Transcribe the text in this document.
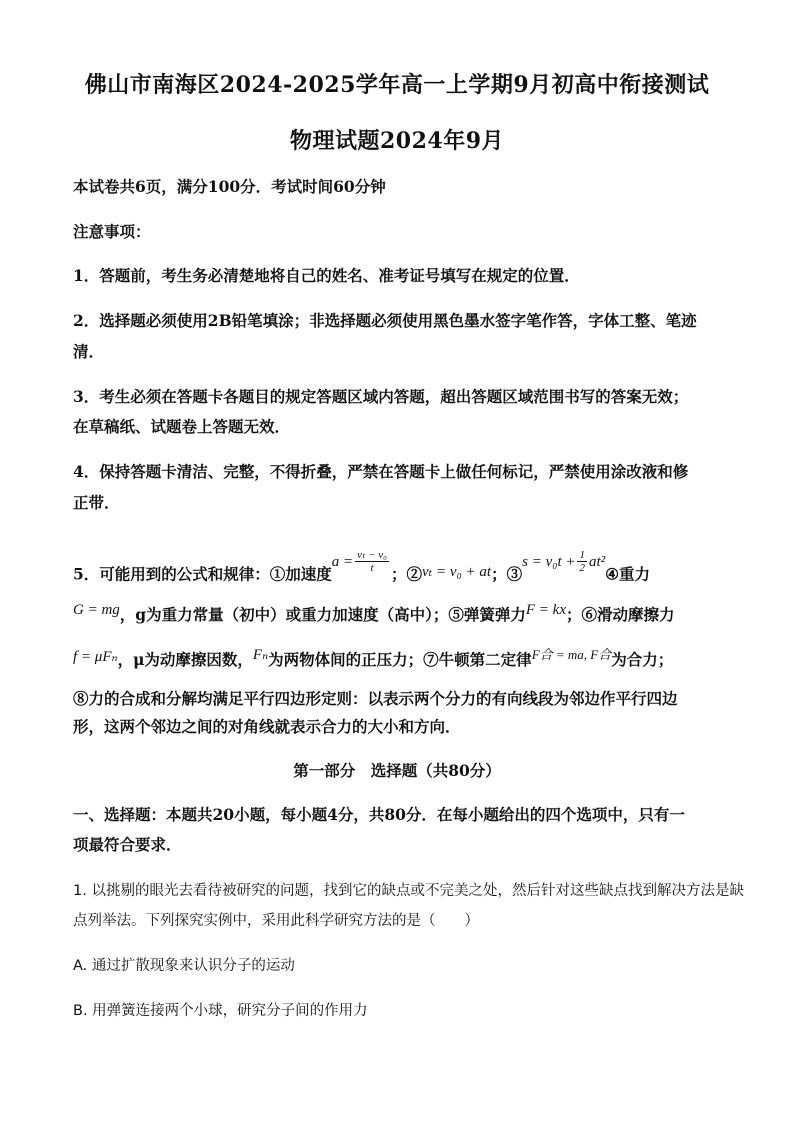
佛山市南海区2024-2025学年高一上学期9月初高中衔接测试
物理试题2024年9月
本试卷共6页，满分100分．考试时间60分钟
注意事项：
1．答题前，考生务必清楚地将自己的姓名、准考证号填写在规定的位置．
2．选择题必须使用2B铅笔填涂；非选择题必须使用黑色墨水签字笔作答，字体工整、笔迹
清．
3．考生必须在答题卡各题目的规定答题区域内答题，超出答题区域范围书写的答案无效；
在草稿纸、试题卷上答题无效．
4．保持答题卡清洁、完整，不得折叠，严禁在答题卡上做任何标记，严禁使用涂改液和修
正带．
5．可能用到的公式和规律：①加速度$a = \frac{\text{vₜ − v₀}}{t}$ ；②vₜ = v₀ + at；③s = $v_0t + \frac{1}{2}$ at²④重力
G = mg，g为重力常量（初中）或重力加速度（高中）；⑤弹簧弹力F = kx；⑥滑动摩擦力
f = μFₙ，μ为动摩擦因数，Fₙ为两物体间的正压力；⑦牛顿第二定律$^{F合 = ma, F合}$为合力；
⑧力的合成和分解均满足平行四边形定则：以表示两个分力的有向线段为邻边作平行四边
形，这两个邻边之间的对角线就表示合力的大小和方向．
第一部分　选择题（共80分）
一、选择题：本题共20小题，每小题4分，共80分．在每小题给出的四个选项中，只有一
项最符合要求．
1. 以挑剔的眼光去看待被研究的问题，找到它的缺点或不完美之处，然后针对这些缺点找到解决方法是缺
点列举法。下列探究实例中，采用此科学研究方法的是（　　）
A. 通过扩散现象来认识分子的运动
B. 用弹簧连接两个小球，研究分子间的作用力
